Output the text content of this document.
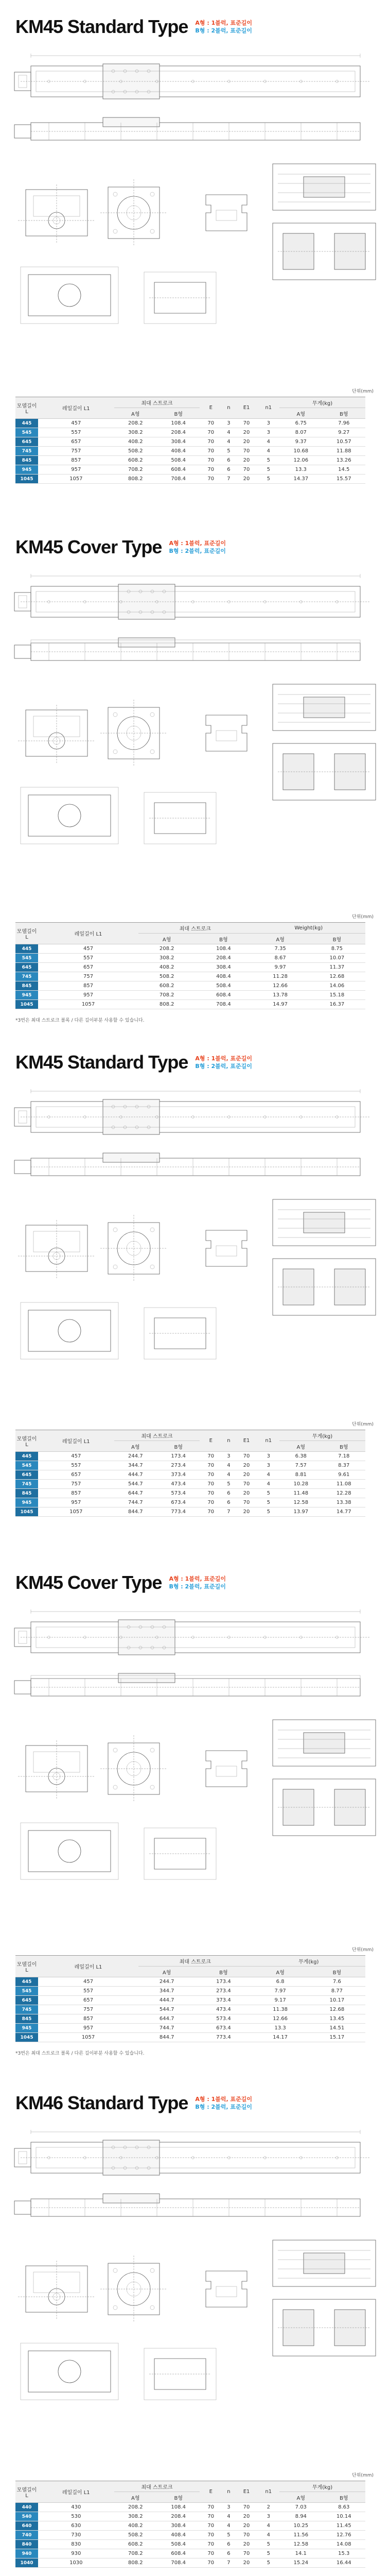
KM45 Standard Type A형 : 1블럭, 표준길이
B형 : 2블럭, 표준길이
단위(mm)
모델길이 L	레일길이 L1	최대 스트로크		E	n	E1	n1	무게(kg)	
		A형	B형					A형	B형
445	457	208.2	108.4	70	3	70	3	6.75	7.96
545	557	308.2	208.4	70	4	20	3	8.07	9.27
645	657	408.2	308.4	70	4	20	4	9.37	10.57
745	757	508.2	408.4	70	5	70	4	10.68	11.88
845	857	608.2	508.4	70	6	20	5	12.06	13.26
945	957	708.2	608.4	70	6	70	5	13.3	14.5
1045	1057	808.2	708.4	70	7	20	5	14.37	15.57
KM45 Cover Type A형 : 1블럭, 표준길이
B형 : 2블럭, 표준길이
단위(mm)
모델길이 L	레일길이 L1	최대 스트로크		Weight(kg)	
		A형	B형	A형	B형
445	457	208.2	108.4	7.35	8.75
545	557	308.2	208.4	8.67	10.07
645	657	408.2	308.4	9.97	11.37
745	757	508.2	408.4	11.28	12.68
845	857	608.2	508.4	12.66	14.06
945	957	708.2	608.4	13.78	15.18
1045	1057	808.2	708.4	14.97	16.37
*3번은 최대 스트로크 볼록 / 다른 길이부분 사용할 수 있습니다.
KM45 Standard Type A형 : 1블럭, 표준길이
B형 : 2블럭, 표준길이
단위(mm)
모델길이 L	레일길이 L1	최대 스트로크		E	n	E1	n1	무게(kg)	
		A형	B형					A형	B형
445	457	244.7	173.4	70	3	70	3	6.38	7.18
545	557	344.7	273.4	70	4	20	3	7.57	8.37
645	657	444.7	373.4	70	4	20	4	8.81	9.61
745	757	544.7	473.4	70	5	70	4	10.28	11.08
845	857	644.7	573.4	70	6	20	5	11.48	12.28
945	957	744.7	673.4	70	6	70	5	12.58	13.38
1045	1057	844.7	773.4	70	7	20	5	13.97	14.77
KM45 Cover Type A형 : 1블럭, 표준길이
B형 : 2블럭, 표준길이
단위(mm)
모델길이 L	레일길이 L1	최대 스트로크		무게(kg)	
		A형	B형	A형	B형
445	457	244.7	173.4	6.8	7.6
545	557	344.7	273.4	7.97	8.77
645	657	444.7	373.4	9.17	10.17
745	757	544.7	473.4	11.38	12.68
845	857	644.7	573.4	12.66	13.45
945	957	744.7	673.4	13.3	14.51
1045	1057	844.7	773.4	14.17	15.17
*3번은 최대 스트로크 볼록 / 다른 길이부분 사용할 수 있습니다.
KM46 Standard Type A형 : 1블럭, 표준길이
B형 : 2블럭, 표준길이
단위(mm)
모델길이 L	레일길이 L1	최대 스트로크		E	n	E1	n1	무게(kg)	
		A형	B형					A형	B형
440	430	208.2	108.4	70	3	70	2	7.03	8.63
540	530	308.2	208.4	70	4	20	3	8.94	10.14
640	630	408.2	308.4	70	4	20	4	10.25	11.45
740	730	508.2	408.4	70	5	70	4	11.56	12.76
840	830	608.2	508.4	70	6	20	5	12.58	14.08
940	930	708.2	608.4	70	6	70	5	14.1	15.3
1040	1030	808.2	708.4	70	7	20	5	15.24	16.44
